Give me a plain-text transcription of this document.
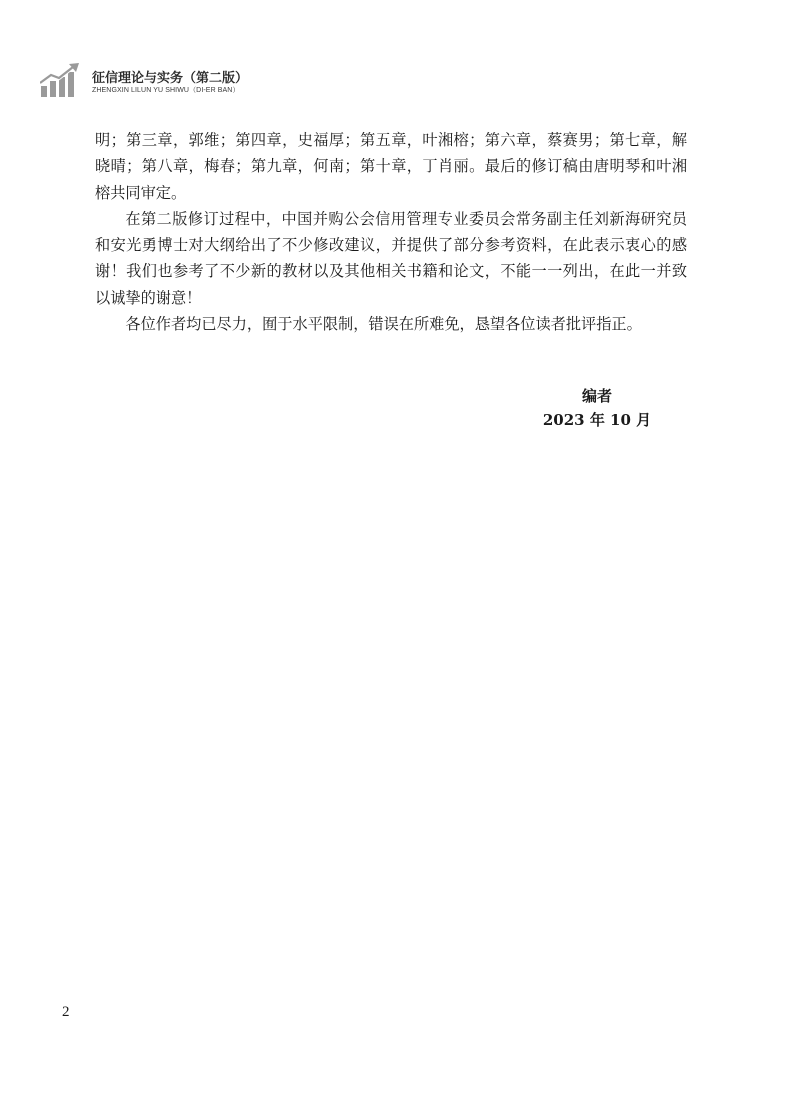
征信理论与实务（第二版）
ZHENGXIN LILUN YU SHIWU（DI-ER BAN）

明；第三章，郭维；第四章，史福厚；第五章，叶湘榕；第六章，蔡赛男；第七章，解晓晴；第八章，梅春；第九章，何南；第十章，丁肖丽。最后的修订稿由唐明琴和叶湘榕共同审定。

在第二版修订过程中，中国并购公会信用管理专业委员会常务副主任刘新海研究员和安光勇博士对大纲给出了不少修改建议，并提供了部分参考资料，在此表示衷心的感谢！我们也参考了不少新的教材以及其他相关书籍和论文，不能一一列出，在此一并致以诚挚的谢意！

各位作者均已尽力，囿于水平限制，错误在所难免，恳望各位读者批评指正。

编者
2023 年 10 月
2
